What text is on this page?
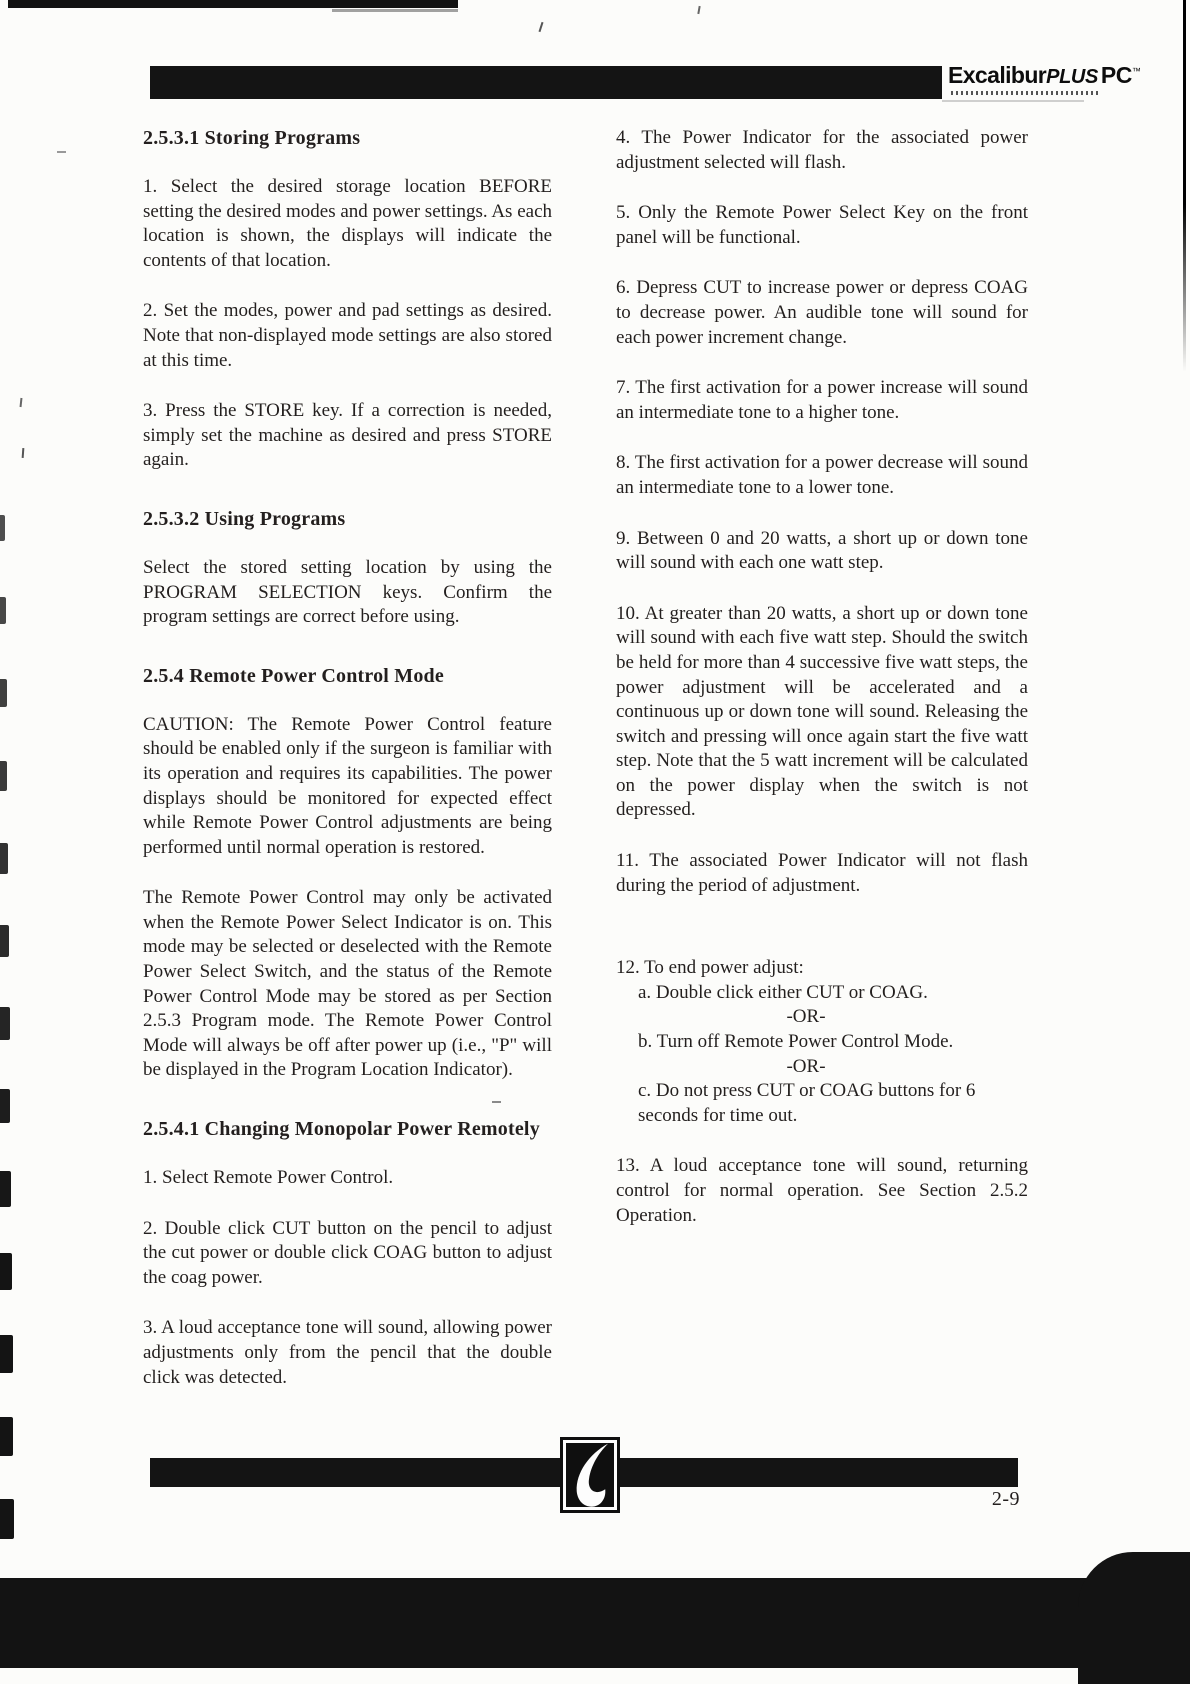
ExcaliburPLUS PC™
2.5.3.1 Storing Programs

1. Select the desired storage location BEFORE setting the desired modes and power settings. As each location is shown, the displays will indicate the contents of that location.

2. Set the modes, power and pad settings as desired. Note that non-displayed mode settings are also stored at this time.

3. Press the STORE key. If a correction is needed, simply set the machine as desired and press STORE again.

2.5.3.2 Using Programs

Select the stored setting location by using the PROGRAM SELECTION keys. Confirm the program settings are correct before using.

2.5.4 Remote Power Control Mode

CAUTION: The Remote Power Control feature should be enabled only if the surgeon is familiar with its operation and requires its capabilities. The power displays should be monitored for expected effect while Remote Power Control adjustments are being performed until normal operation is restored.

The Remote Power Control may only be activated when the Remote Power Select Indicator is on. This mode may be selected or deselected with the Remote Power Select Switch, and the status of the Remote Power Control Mode may be stored as per Section 2.5.3 Program mode. The Remote Power Control Mode will always be off after power up (i.e., "P" will be displayed in the Program Location Indicator).

2.5.4.1 Changing Monopolar Power Remotely

1. Select Remote Power Control.

2. Double click CUT button on the pencil to adjust the cut power or double click COAG button to adjust the coag power.

3. A loud acceptance tone will sound, allowing power adjustments only from the pencil that the double click was detected.

4. The Power Indicator for the associated power adjustment selected will flash.

5. Only the Remote Power Select Key on the front panel will be functional.

6. Depress CUT to increase power or depress COAG to decrease power. An audible tone will sound for each power increment change.

7. The first activation for a power increase will sound an intermediate tone to a higher tone.

8. The first activation for a power decrease will sound an intermediate tone to a lower tone.

9. Between 0 and 20 watts, a short up or down tone will sound with each one watt step.

10. At greater than 20 watts, a short up or down tone will sound with each five watt step. Should the switch be held for more than 4 successive five watt steps, the power adjustment will be accelerated and a continuous up or down tone will sound. Releasing the switch and pressing will once again start the five watt step. Note that the 5 watt increment will be calculated on the power display when the switch is not depressed.

11. The associated Power Indicator will not flash during the period of adjustment.

12. To end power adjust:
a. Double click either CUT or COAG.
-OR-
b. Turn off Remote Power Control Mode.
-OR-
c. Do not press CUT or COAG buttons for 6 seconds for time out.

13. A loud acceptance tone will sound, returning control for normal operation. See Section 2.5.2 Operation.

2-9
